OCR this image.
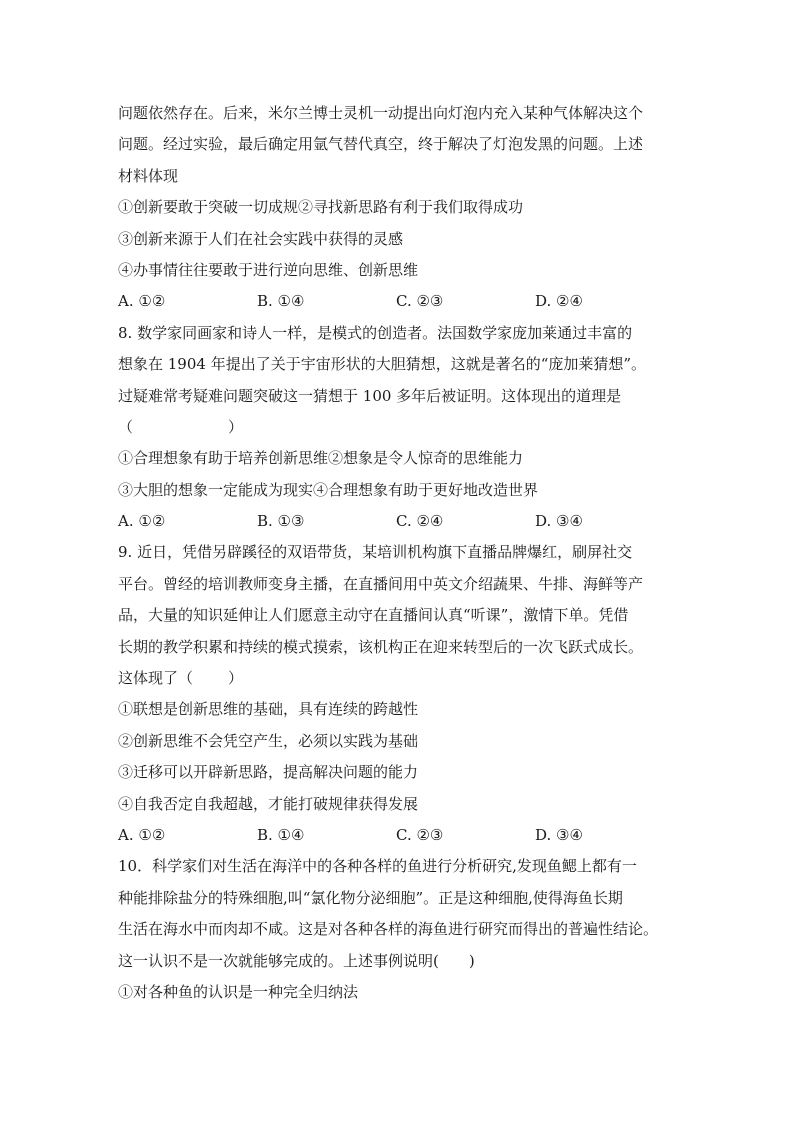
问题依然存在。后来，米尔兰博士灵机一动提出向灯泡内充入某种气体解决这个
问题。经过实验，最后确定用氩气替代真空，终于解决了灯泡发黑的问题。上述
材料体现
①创新要敢于突破一切成规②寻找新思路有利于我们取得成功
③创新来源于人们在社会实践中获得的灵感
④办事情往往要敢于进行逆向思维、创新思维
A. ①②	B. ①④	C. ②③	D. ②④
8. 数学家同画家和诗人一样，是模式的创造者。法国数学家庞加莱通过丰富的
想象在 1904 年提出了关于宇宙形状的大胆猜想，这就是著名的“庞加莱猜想”。
过疑难常考疑难问题突破这一猜想于 100 多年后被证明。这体现出的道理是
（	）
①合理想象有助于培养创新思维②想象是令人惊奇的思维能力
③大胆的想象一定能成为现实④合理想象有助于更好地改造世界
A. ①②	B. ①③	C. ②④	D. ③④
9. 近日，凭借另辟蹊径的双语带货，某培训机构旗下直播品牌爆红，刷屏社交
平台。曾经的培训教师变身主播，在直播间用中英文介绍蔬果、牛排、海鲜等产
品，大量的知识延伸让人们愿意主动守在直播间认真“听课”，激情下单。凭借
长期的教学积累和持续的模式摸索，该机构正在迎来转型后的一次飞跃式成长。
这体现了（ ）
①联想是创新思维的基础，具有连续的跨越性
②创新思维不会凭空产生，必须以实践为基础
③迁移可以开辟新思路，提高解决问题的能力
④自我否定自我超越，才能打破规律获得发展
A. ①②	B. ①④	C. ②③	D. ③④
10．科学家们对生活在海洋中的各种各样的鱼进行分析研究,发现鱼鳃上都有一
种能排除盐分的特殊细胞,叫“氯化物分泌细胞”。正是这种细胞,使得海鱼长期
生活在海水中而肉却不咸。这是对各种各样的海鱼进行研究而得出的普遍性结论。
这一认识不是一次就能够完成的。上述事例说明(　　)
①对各种鱼的认识是一种完全归纳法
